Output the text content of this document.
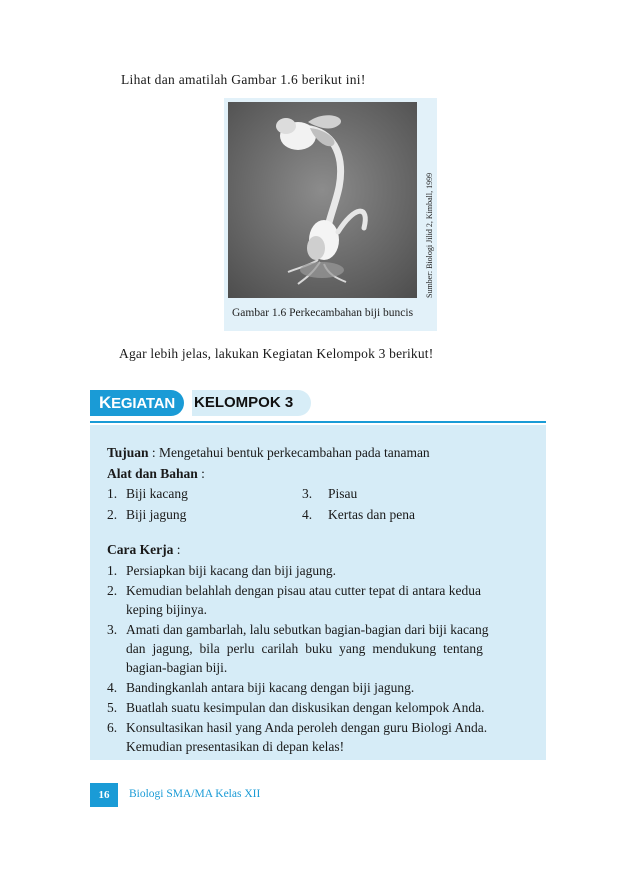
Lihat dan amatilah Gambar 1.6 berikut ini!
Sumber: Biologi Jilid 2, Kimball, 1999
Gambar 1.6 Perkecambahan biji buncis
Agar lebih jelas, lakukan Kegiatan Kelompok 3 berikut!
KEGIATAN	KELOMPOK 3
Tujuan : Mengetahui bentuk perkecambahan pada tanaman
Alat dan Bahan :
1. Biji kacang
2. Biji jagung
3. Pisau
4. Kertas dan pena
Cara Kerja :
1. Persiapkan biji kacang dan biji jagung.
2. Kemudian belahlah dengan pisau atau cutter tepat di antara kedua
keping bijinya.
3. Amati dan gambarlah, lalu sebutkan bagian-bagian dari biji kacang
dan jagung, bila perlu carilah buku yang mendukung tentang
bagian-bagian biji.
4. Bandingkanlah antara biji kacang dengan biji jagung.
5. Buatlah suatu kesimpulan dan diskusikan dengan kelompok Anda.
6. Konsultasikan hasil yang Anda peroleh dengan guru Biologi Anda.
Kemudian presentasikan di depan kelas!
16	Biologi SMA/MA Kelas XII
